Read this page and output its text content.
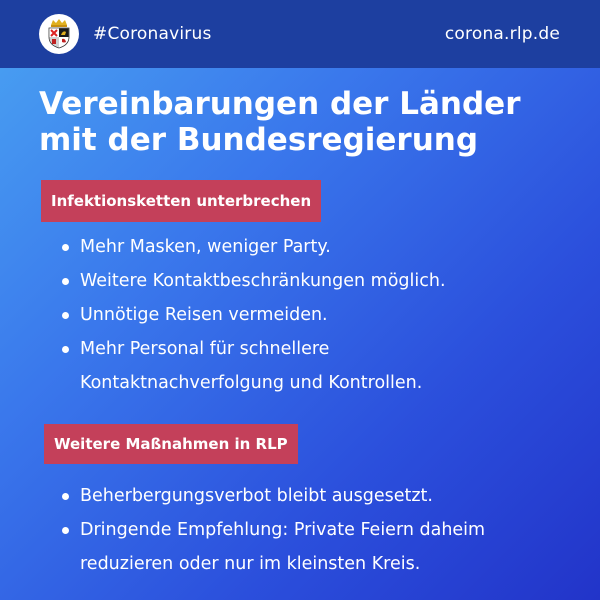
#Coronavirus	corona.rlp.de
Vereinbarungen der Länder
mit der Bundesregierung
Infektionsketten unterbrechen
Mehr Masken, weniger Party.
Weitere Kontaktbeschränkungen möglich.
Unnötige Reisen vermeiden.
Mehr Personal für schnellere
Kontaktnachverfolgung und Kontrollen.
Weitere Maßnahmen in RLP
Beherbergungsverbot bleibt ausgesetzt.
Dringende Empfehlung: Private Feiern daheim
reduzieren oder nur im kleinsten Kreis.
